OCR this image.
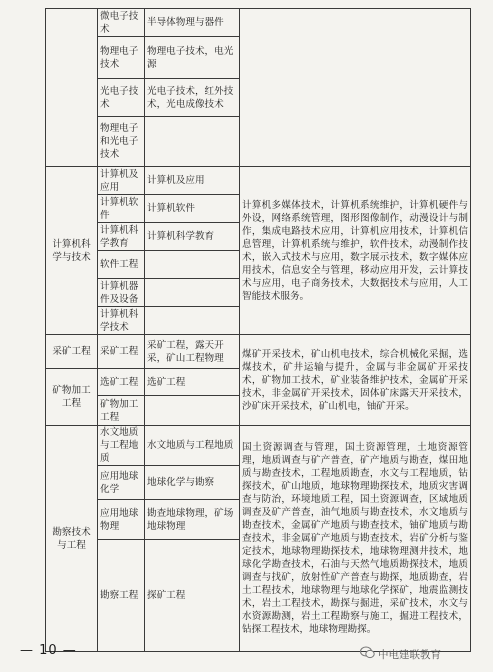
	微电子技术	半导体物理与器件	
	物理电子技术	物理电子技术，电光源	
	光电子技术	光电子技术，红外技术，光电成像技术	
	物理电子和光电子技术		
计算机科学与技术	计算机及应用	计算机及应用	计算机多媒体技术，计算机系统维护，计算机硬件与外设，网络系统管理，图形图像制作，动漫设计与制作，集成电路技术应用，计算机应用技术，计算机信息管理，计算机系统与维护，软件技术，动漫制作技术，嵌入式技术与应用，数字展示技术，数字媒体应用技术，信息安全与管理，移动应用开发，云计算技术与应用，电子商务技术，大数据技术与应用，人工智能技术服务。
	计算机软件	计算机软件	
	计算机科学教育	计算机科学教育	
	软件工程		
	计算机器件及设备		
	计算机科学技术		
采矿工程	采矿工程	采矿工程，露天开采，矿山工程物理	煤矿开采技术，矿山机电技术，综合机械化采掘，选煤技术，矿井运输与提升，金属与非金属矿开采技术，矿物加工技术，矿业装备维护技术，金属矿开采技术，非金属矿开采技术，固体矿床露天开采技术，沙矿床开采技术，矿山机电，铀矿开采。
矿物加工工程	选矿工程	选矿工程	
	矿物加工工程		
勘察技术与工程	水文地质与工程地质	水文地质与工程地质	国土资源调查与管理，国土资源管理，土地资源管理，地质调查与矿产普查，矿产地质与勘查，煤田地质与勘查技术，工程地质勘查，水文与工程地质，钻探技术，矿山地质，地球物理勘探技术，地质灾害调查与防治，环境地质工程，国土资源调查，区域地质调查及矿产普查，油气地质与勘查技术，水文地质与勘查技术，金属矿产地质与勘查技术，铀矿地质与勘查技术，非金属矿产地质与勘查技术，岩矿分析与鉴定技术，地球物理勘探技术，地球物理测井技术，地球化学勘查技术，石油与天然气地质勘探技术，地质调查与找矿，放射性矿产普查与勘探，地质勘查，岩土工程技术，地球物理与地球化学探矿，地震监测技术，岩土工程技术，勘探与掘进，采矿技术，水文与水资源勘测，岩土工程勘察与施工，掘进工程技术，钻探工程技术，地球物理勘探。
	应用地球化学	地球化学与勘察	
	应用地球物理	勘查地球物理，矿场地球物理	
	勘察工程	探矿工程	
— 10 —	中电建联教育
